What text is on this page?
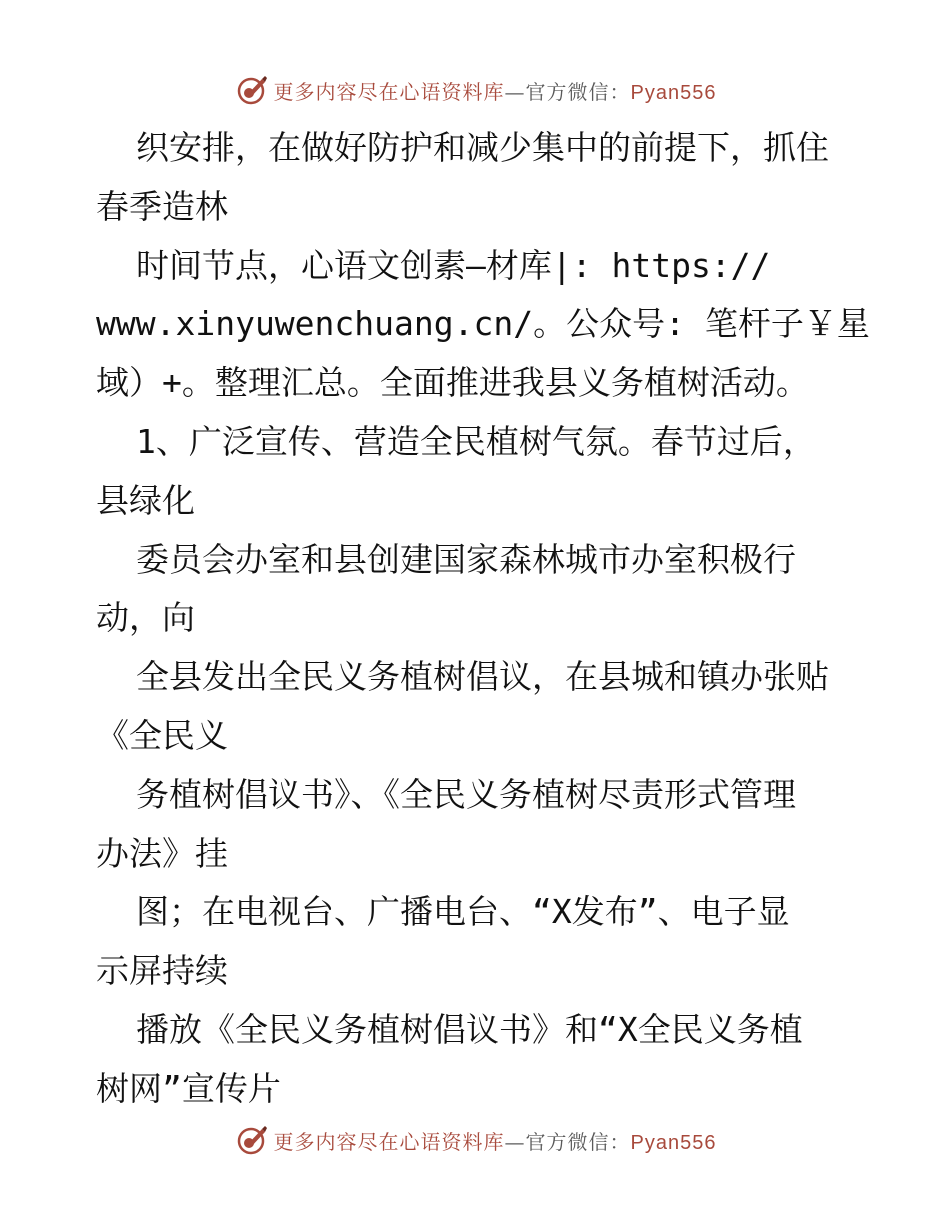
更多内容尽在心语资料库—官方微信：Pyan556
织安排，在做好防护和减少集中的前提下，抓住
春季造林
时间节点，心语文创素—材库|: https://
www.xinyuwenchuang.cn/。公众号: 笔杆子￥星
域）+。整理汇总。全面推进我县义务植树活动。
1、广泛宣传、营造全民植树气氛。春节过后，
县绿化
委员会办室和县创建国家森林城市办室积极行
动，向
全县发出全民义务植树倡议，在县城和镇办张贴
《全民义
务植树倡议书》、《全民义务植树尽责形式管理
办法》挂
图；在电视台、广播电台、“X发布”、电子显
示屏持续
播放《全民义务植树倡议书》和“X全民义务植
树网”宣传片
更多内容尽在心语资料库—官方微信：Pyan556
